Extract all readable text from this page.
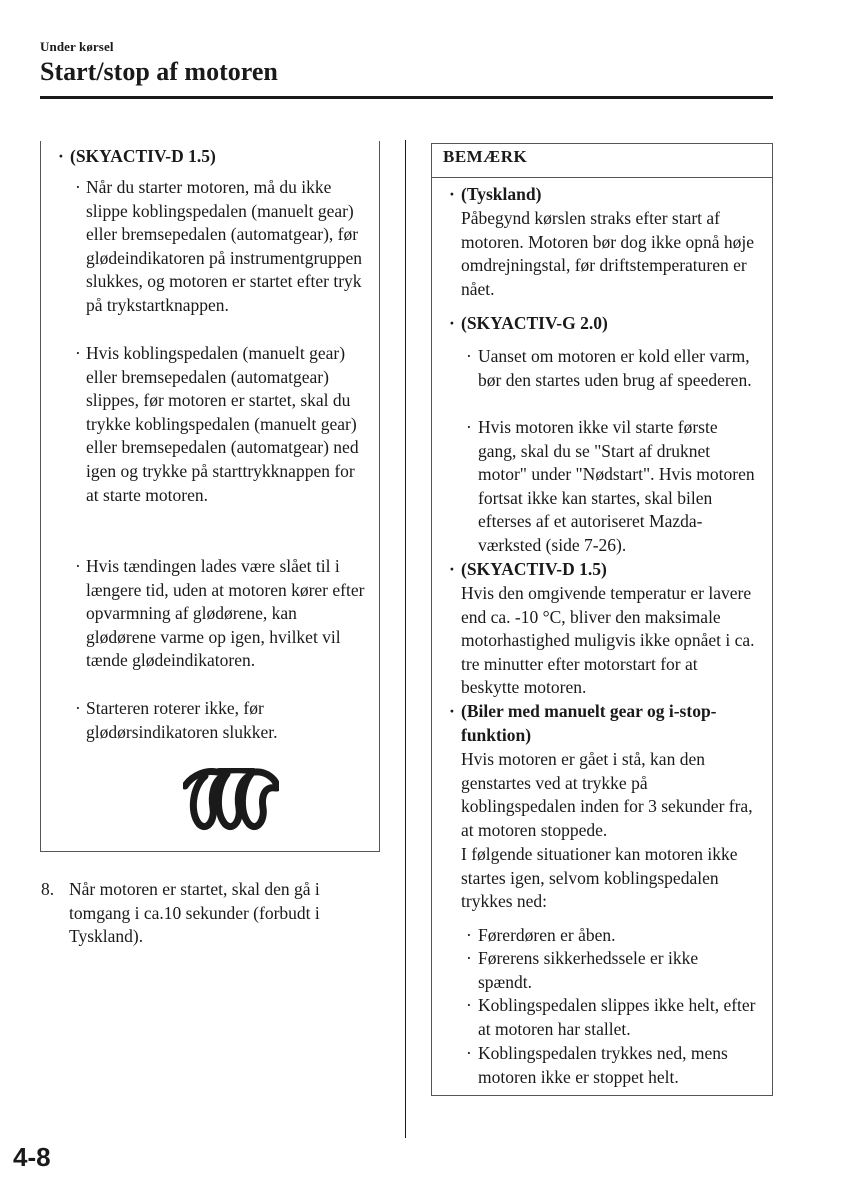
Under kørsel
Start/stop af motoren
· (SKYACTIV-D 1.5)
· Når du starter motoren, må du ikke slippe koblingspedalen (manuelt gear) eller bremsepedalen (automatgear), før glødeindikatoren på instrumentgruppen slukkes, og motoren er startet efter tryk på trykstartknappen.
· Hvis koblingspedalen (manuelt gear) eller bremsepedalen (automatgear) slippes, før motoren er startet, skal du trykke koblingspedalen (manuelt gear) eller bremsepedalen (automatgear) ned igen og trykke på starttrykknappen for at starte motoren.
· Hvis tændingen lades være slået til i længere tid, uden at motoren kører efter opvarmning af glødørene, kan glødørene varme op igen, hvilket vil tænde glødeindikatoren.
· Starteren roterer ikke, før glødørsindikatoren slukker.
8. Når motoren er startet, skal den gå i tomgang i ca.10 sekunder (forbudt i Tyskland).
BEMÆRK
· (Tyskland)
Påbegynd kørslen straks efter start af motoren. Motoren bør dog ikke opnå høje omdrejningstal, før driftstemperaturen er nået.
· (SKYACTIV-G 2.0)
· Uanset om motoren er kold eller varm, bør den startes uden brug af speederen.
· Hvis motoren ikke vil starte første gang, skal du se "Start af druknet motor" under "Nødstart". Hvis motoren fortsat ikke kan startes, skal bilen efterses af et autoriseret Mazda-værksted (side 7-26).
· (SKYACTIV-D 1.5)
Hvis den omgivende temperatur er lavere end ca. -10 °C, bliver den maksimale motorhastighed muligvis ikke opnået i ca. tre minutter efter motorstart for at beskytte motoren.
· (Biler med manuelt gear og i-stop-funktion)
Hvis motoren er gået i stå, kan den genstartes ved at trykke på koblingspedalen inden for 3 sekunder fra, at motoren stoppede.
I følgende situationer kan motoren ikke startes igen, selvom koblingspedalen trykkes ned:
· Førerdøren er åben.
· Førerens sikkerhedssele er ikke spændt.
· Koblingspedalen slippes ikke helt, efter at motoren har stallet.
· Koblingspedalen trykkes ned, mens motoren ikke er stoppet helt.
4-8
